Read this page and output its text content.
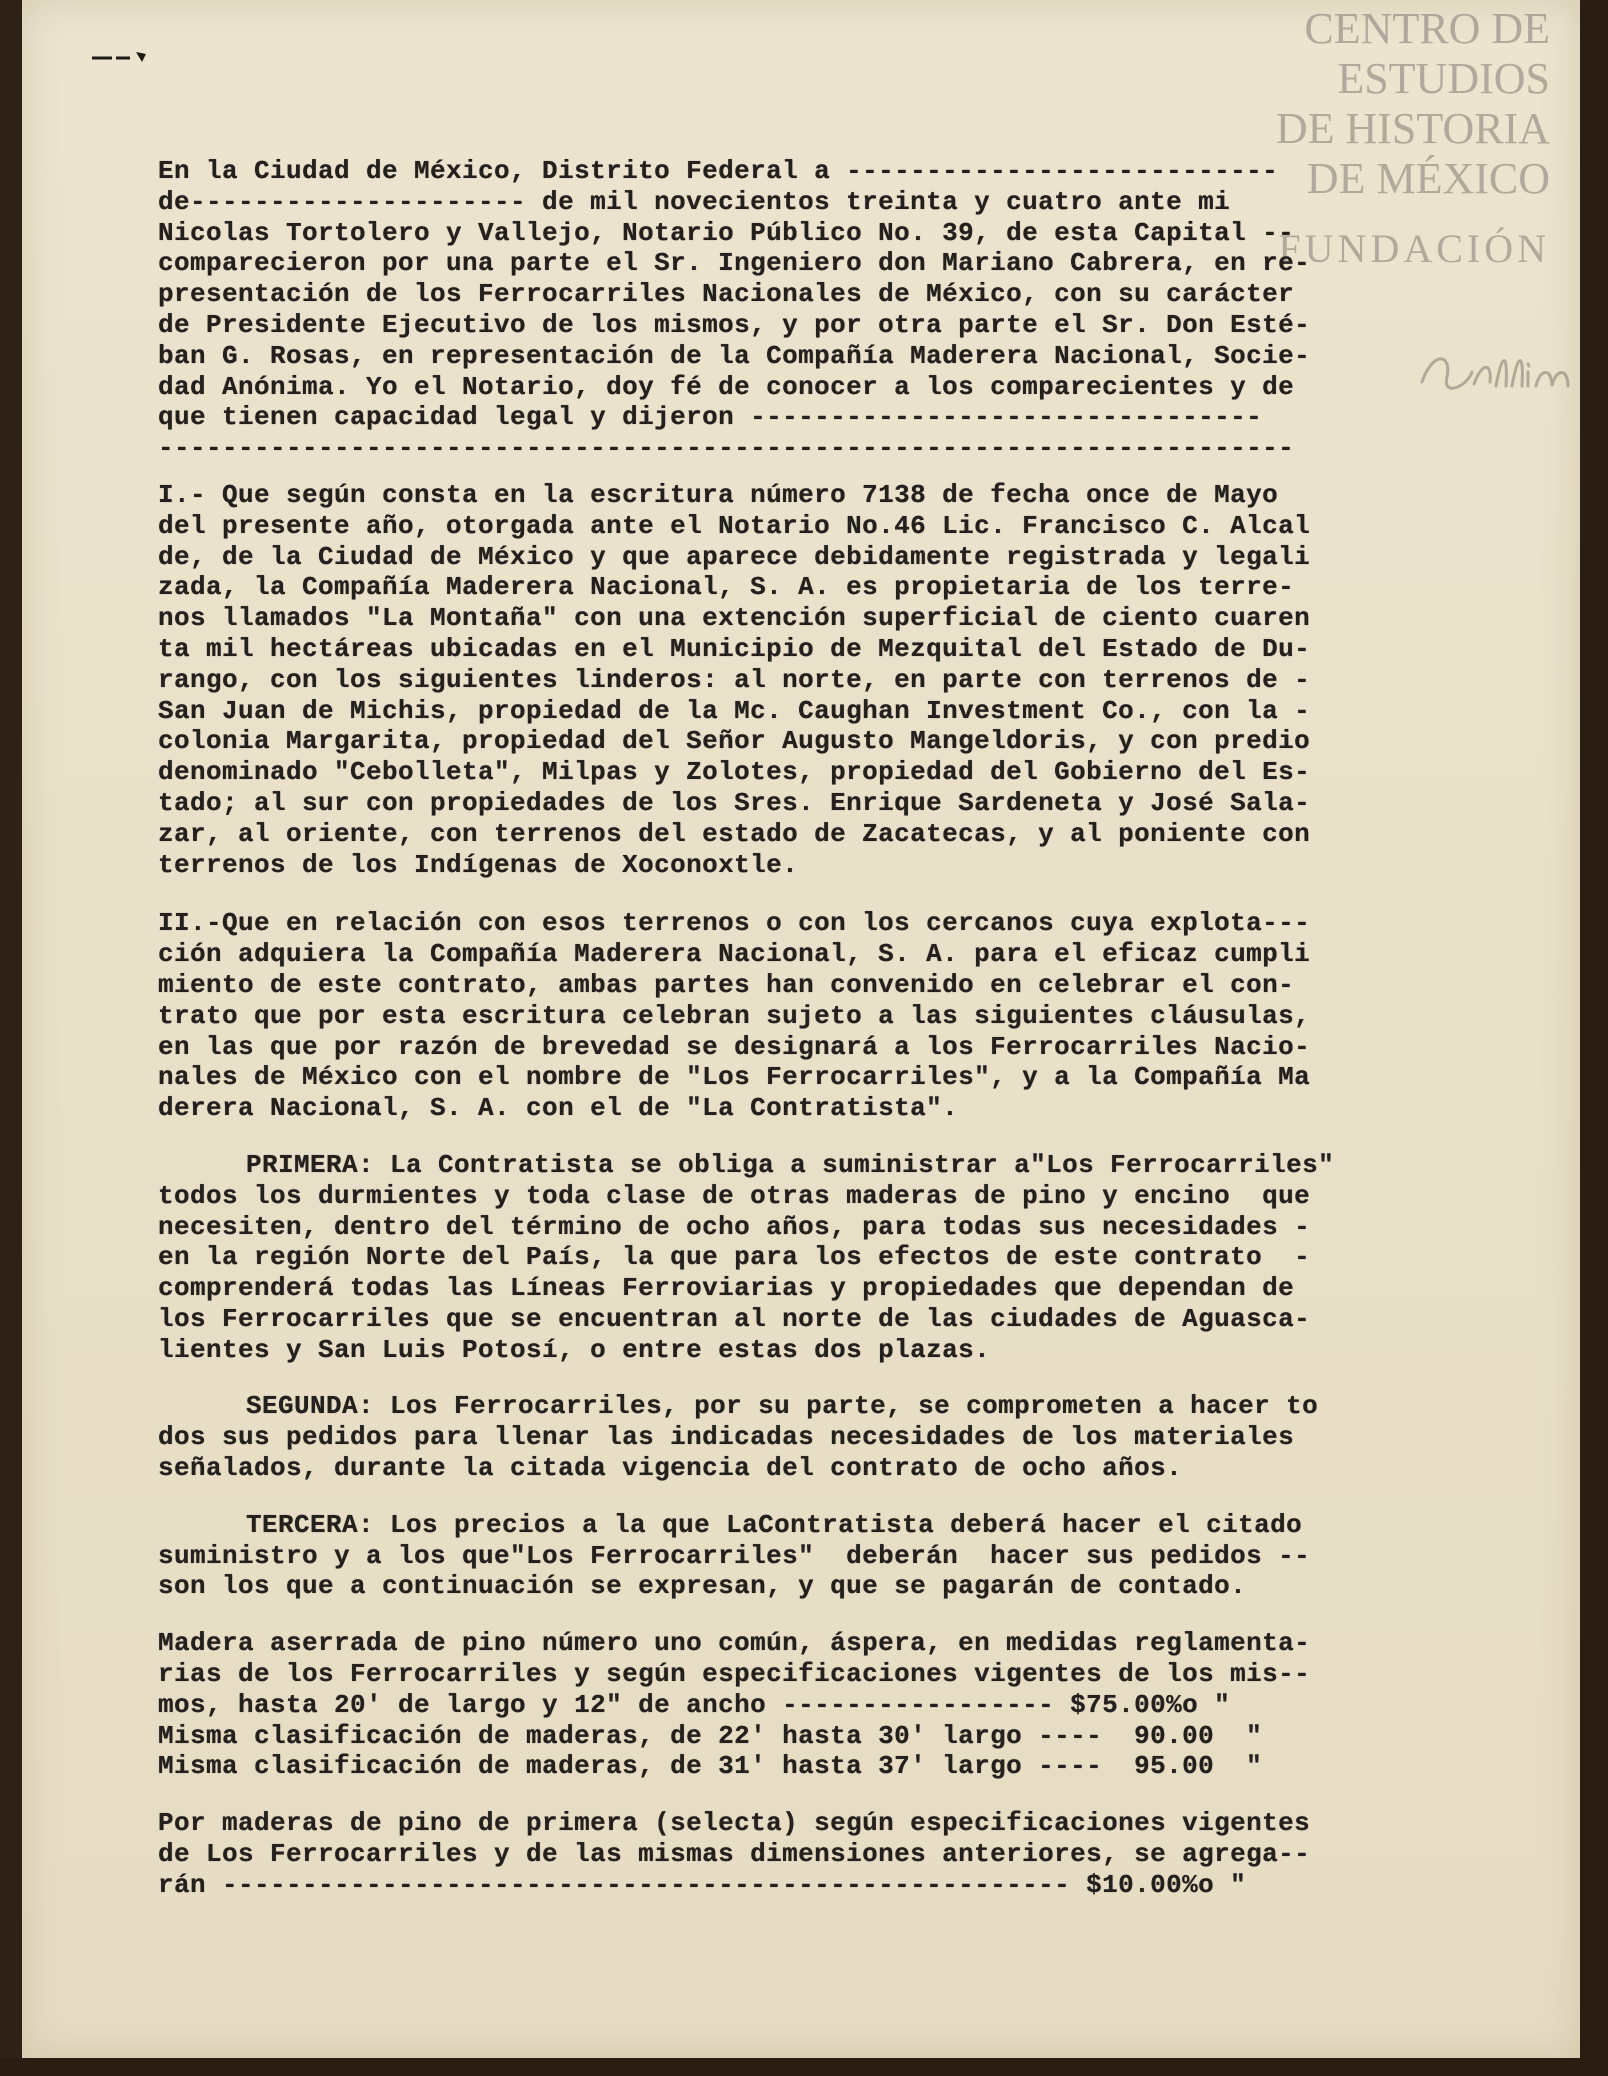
CENTRO DE
ESTUDIOS
DE HISTORIA
DE MÉXICO
FUNDACIÓN
En la Ciudad de México, Distrito Federal a ---------------------------
de--------------------- de mil novecientos treinta y cuatro ante mi
Nicolas Tortolero y Vallejo, Notario Público No. 39, de esta Capital --
comparecieron por una parte el Sr. Ingeniero don Mariano Cabrera, en re-
presentación de los Ferrocarriles Nacionales de México, con su carácter
de Presidente Ejecutivo de los mismos, y por otra parte el Sr. Don Esté-
ban G. Rosas, en representación de la Compañía Maderera Nacional, Socie-
dad Anónima. Yo el Notario, doy fé de conocer a los comparecientes y de
que tienen capacidad legal y dijeron --------------------------------
-----------------------------------------------------------------------
I.- Que según consta en la escritura número 7138 de fecha once de Mayo
del presente año, otorgada ante el Notario No.46 Lic. Francisco C. Alcal
de, de la Ciudad de México y que aparece debidamente registrada y legali
zada, la Compañía Maderera Nacional, S. A. es propietaria de los terre-
nos llamados "La Montaña" con una extención superficial de ciento cuaren
ta mil hectáreas ubicadas en el Municipio de Mezquital del Estado de Du-
rango, con los siguientes linderos: al norte, en parte con terrenos de -
San Juan de Michis, propiedad de la Mc. Caughan Investment Co., con la -
colonia Margarita, propiedad del Señor Augusto Mangeldoris, y con predio
denominado "Cebolleta", Milpas y Zolotes, propiedad del Gobierno del Es-
tado; al sur con propiedades de los Sres. Enrique Sardeneta y José Sala-
zar, al oriente, con terrenos del estado de Zacatecas, y al poniente con
terrenos de los Indígenas de Xoconoxtle.
II.-Que en relación con esos terrenos o con los cercanos cuya explota---
ción adquiera la Compañía Maderera Nacional, S. A. para el eficaz cumpli
miento de este contrato, ambas partes han convenido en celebrar el con-
trato que por esta escritura celebran sujeto a las siguientes cláusulas,
en las que por razón de brevedad se designará a los Ferrocarriles Nacio-
nales de México con el nombre de "Los Ferrocarriles", y a la Compañía Ma
derera Nacional, S. A. con el de "La Contratista".
PRIMERA: La Contratista se obliga a suministrar a"Los Ferrocarriles"
todos los durmientes y toda clase de otras maderas de pino y encino  que
necesiten, dentro del término de ocho años, para todas sus necesidades -
en la región Norte del País, la que para los efectos de este contrato  -
comprenderá todas las Líneas Ferroviarias y propiedades que dependan de
los Ferrocarriles que se encuentran al norte de las ciudades de Aguasca-
lientes y San Luis Potosí, o entre estas dos plazas.
SEGUNDA: Los Ferrocarriles, por su parte, se comprometen a hacer to
dos sus pedidos para llenar las indicadas necesidades de los materiales
señalados, durante la citada vigencia del contrato de ocho años.
TERCERA: Los precios a la que LaContratista deberá hacer el citado
suministro y a los que"Los Ferrocarriles"  deberán  hacer sus pedidos --
son los que a continuación se expresan, y que se pagarán de contado.
Madera aserrada de pino número uno común, áspera, en medidas reglamenta-
rias de los Ferrocarriles y según especificaciones vigentes de los mis--
mos, hasta 20' de largo y 12" de ancho ----------------- $75.00%o "
Misma clasificación de maderas, de 22' hasta 30' largo ----  90.00  "
Misma clasificación de maderas, de 31' hasta 37' largo ----  95.00  "
Por maderas de pino de primera (selecta) según especificaciones vigentes
de Los Ferrocarriles y de las mismas dimensiones anteriores, se agrega--
rán ----------------------------------------------------- $10.00%o "
